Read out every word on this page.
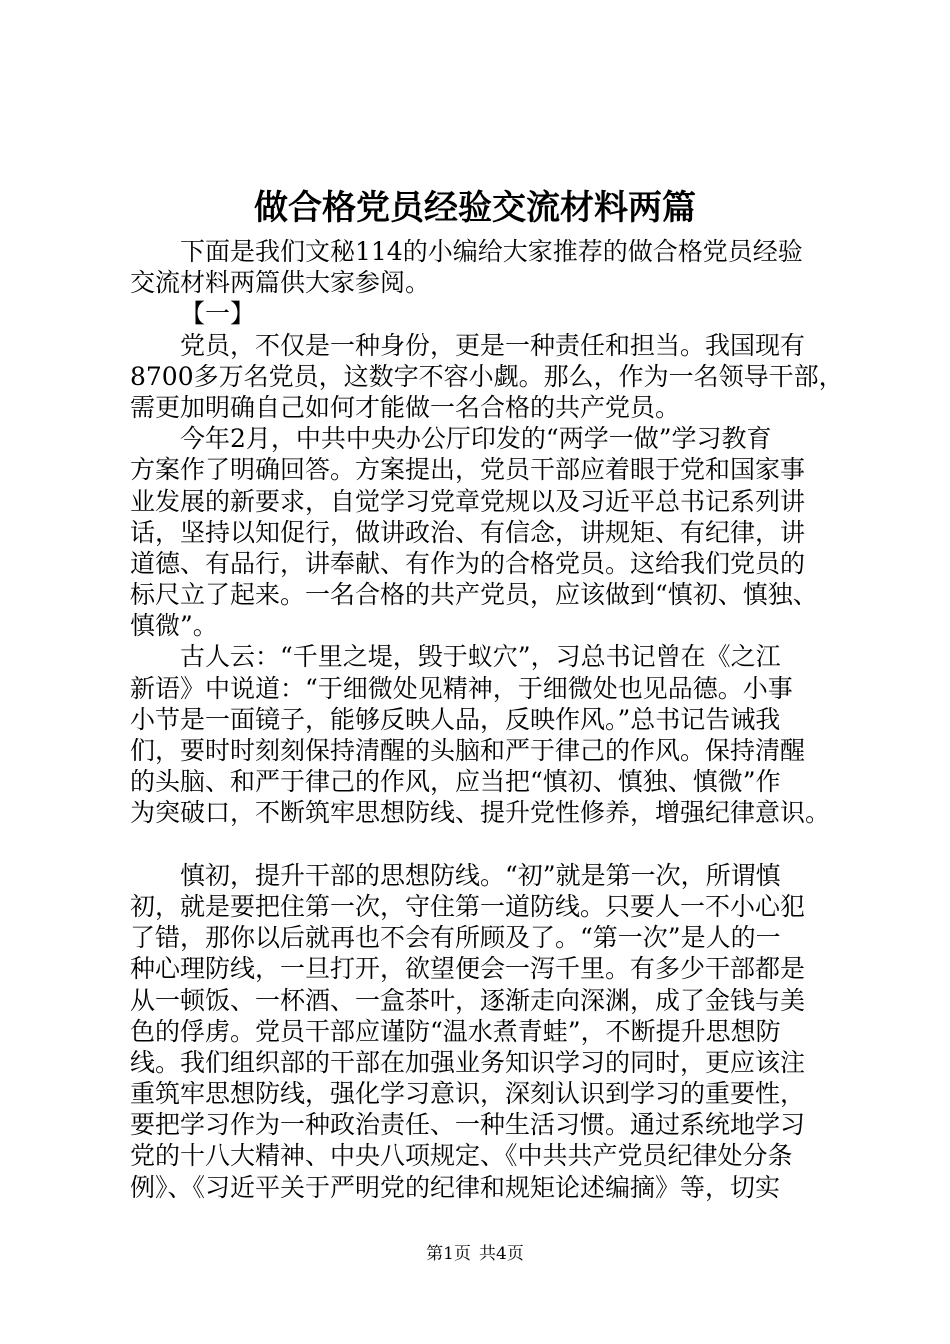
做合格党员经验交流材料两篇
下面是我们文秘114的小编给大家推荐的做合格党员经验
交流材料两篇供大家参阅。
【一】
党员，不仅是一种身份，更是一种责任和担当。我国现有
8700多万名党员，这数字不容小觑。那么，作为一名领导干部，
需更加明确自己如何才能做一名合格的共产党员。
今年2月，中共中央办公厅印发的“两学一做”学习教育
方案作了明确回答。方案提出，党员干部应着眼于党和国家事
业发展的新要求，自觉学习党章党规以及习近平总书记系列讲
话，坚持以知促行，做讲政治、有信念，讲规矩、有纪律，讲
道德、有品行，讲奉献、有作为的合格党员。这给我们党员的
标尺立了起来。一名合格的共产党员，应该做到“慎初、慎独、
慎微”。
古人云：“千里之堤，毁于蚁穴”，习总书记曾在《之江
新语》中说道：“于细微处见精神，于细微处也见品德。小事
小节是一面镜子，能够反映人品，反映作风。”总书记告诫我
们，要时时刻刻保持清醒的头脑和严于律己的作风。保持清醒
的头脑、和严于律己的作风，应当把“慎初、慎独、慎微”作
为突破口，不断筑牢思想防线、提升党性修养，增强纪律意识。
慎初，提升干部的思想防线。“初”就是第一次，所谓慎
初，就是要把住第一次，守住第一道防线。只要人一不小心犯
了错，那你以后就再也不会有所顾及了。“第一次”是人的一
种心理防线，一旦打开，欲望便会一泻千里。有多少干部都是
从一顿饭、一杯酒、一盒茶叶，逐渐走向深渊，成了金钱与美
色的俘虏。党员干部应谨防“温水煮青蛙”，不断提升思想防
线。我们组织部的干部在加强业务知识学习的同时，更应该注
重筑牢思想防线，强化学习意识，深刻认识到学习的重要性，
要把学习作为一种政治责任、一种生活习惯。通过系统地学习
党的十八大精神、中央八项规定、《中共共产党员纪律处分条
例》、《习近平关于严明党的纪律和规矩论述编摘》等，切实
第1页 共4页
